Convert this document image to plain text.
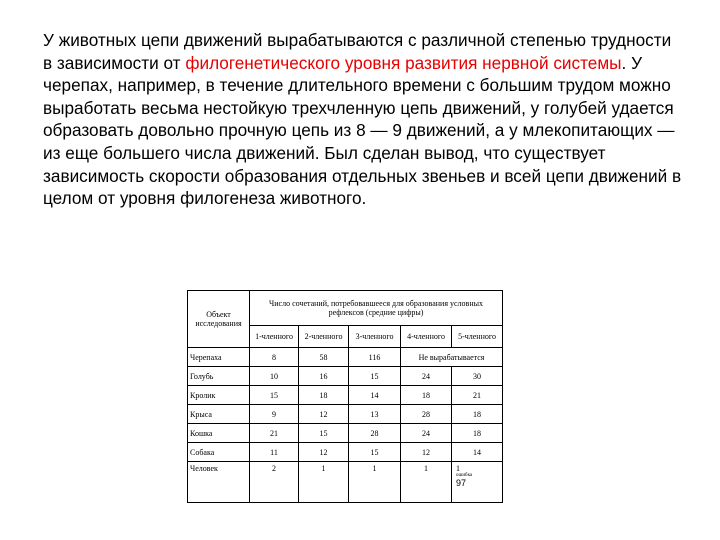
У животных цепи движений вырабатываются с различной степенью трудности в зависимости от филогенетического уровня развития нервной системы. У черепах, например, в течение длительного времени с большим трудом можно выработать весьма нестойкую трехчленную цепь движений, у голубей удается образовать довольно прочную цепь из 8 — 9 движений, а у млекопитающих — из еще большего числа движений. Был сделан вывод, что существует зависимость скорости образования отдельных звеньев и всей цепи движений в целом от уровня филогенеза животного.

Объект исследования	Число сочетаний, потребовавшееся для образования условных рефлексов (средние цифры)				
	1-членного	2-членного	3-членного	4-членного	5-членного
Черепаха	8	58	116	Не вырабатывается	
Голубь	10	16	15	24	30
Кролик	15	18	14	18	21
Крыса	9	12	13	28	18
Кошка	21	15	28	24	18
Собака	11	12	15	12	14
Человек	2	1	1	1	1
ошибка
97
